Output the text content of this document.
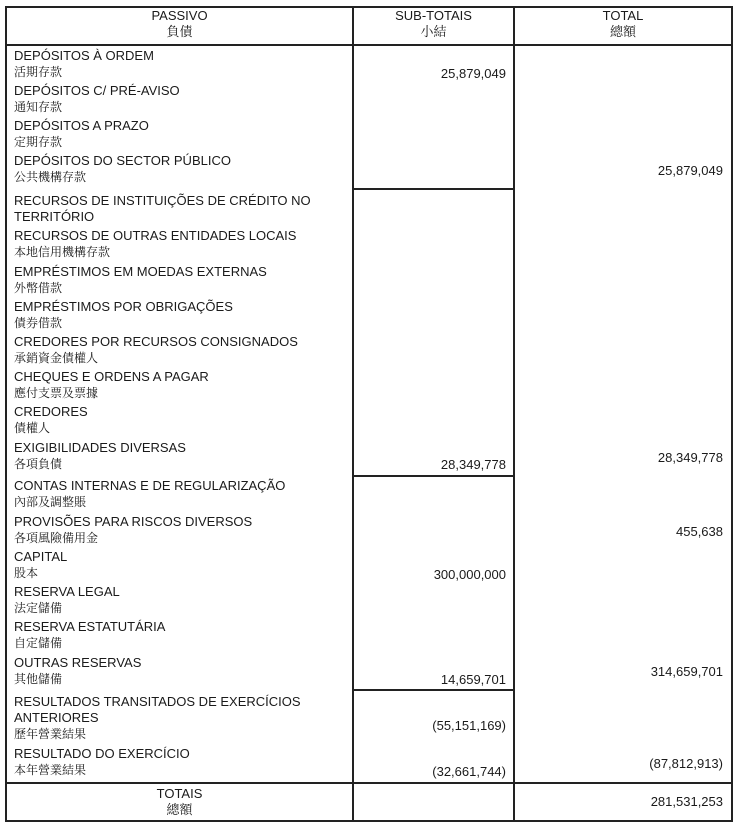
PASSIVO
負債
SUB-TOTAIS
小結
TOTAL
總額
DEPÓSITOS À ORDEM
活期存款
DEPÓSITOS C/ PRÉ-AVISO
通知存款
DEPÓSITOS A PRAZO
定期存款
DEPÓSITOS DO SECTOR PÚBLICO
公共機構存款
RECURSOS DE INSTITUIÇÕES DE CRÉDITO NO TERRITÓRIO
RECURSOS DE OUTRAS ENTIDADES LOCAIS
本地信用機構存款
EMPRÉSTIMOS EM MOEDAS EXTERNAS
外幣借款
EMPRÉSTIMOS POR OBRIGAÇÕES
債券借款
CREDORES POR RECURSOS CONSIGNADOS
承銷資金債權人
CHEQUES E ORDENS A PAGAR
應付支票及票據
CREDORES
債權人
EXIGIBILIDADES DIVERSAS
各項負債
CONTAS INTERNAS E DE REGULARIZAÇÃO
內部及調整賬
PROVISÕES PARA RISCOS DIVERSOS
各項風險備用金
CAPITAL
股本
RESERVA LEGAL
法定儲備
RESERVA ESTATUTÁRIA
自定儲備
OUTRAS RESERVAS
其他儲備
RESULTADOS TRANSITADOS DE EXERCÍCIOS ANTERIORES
歷年營業結果
RESULTADO DO EXERCÍCIO
本年營業結果
25,879,049
28,349,778
300,000,000
14,659,701
(55,151,169)
(32,661,744)
25,879,049
28,349,778
455,638
314,659,701
(87,812,913)
281,531,253
TOTAIS
總額
